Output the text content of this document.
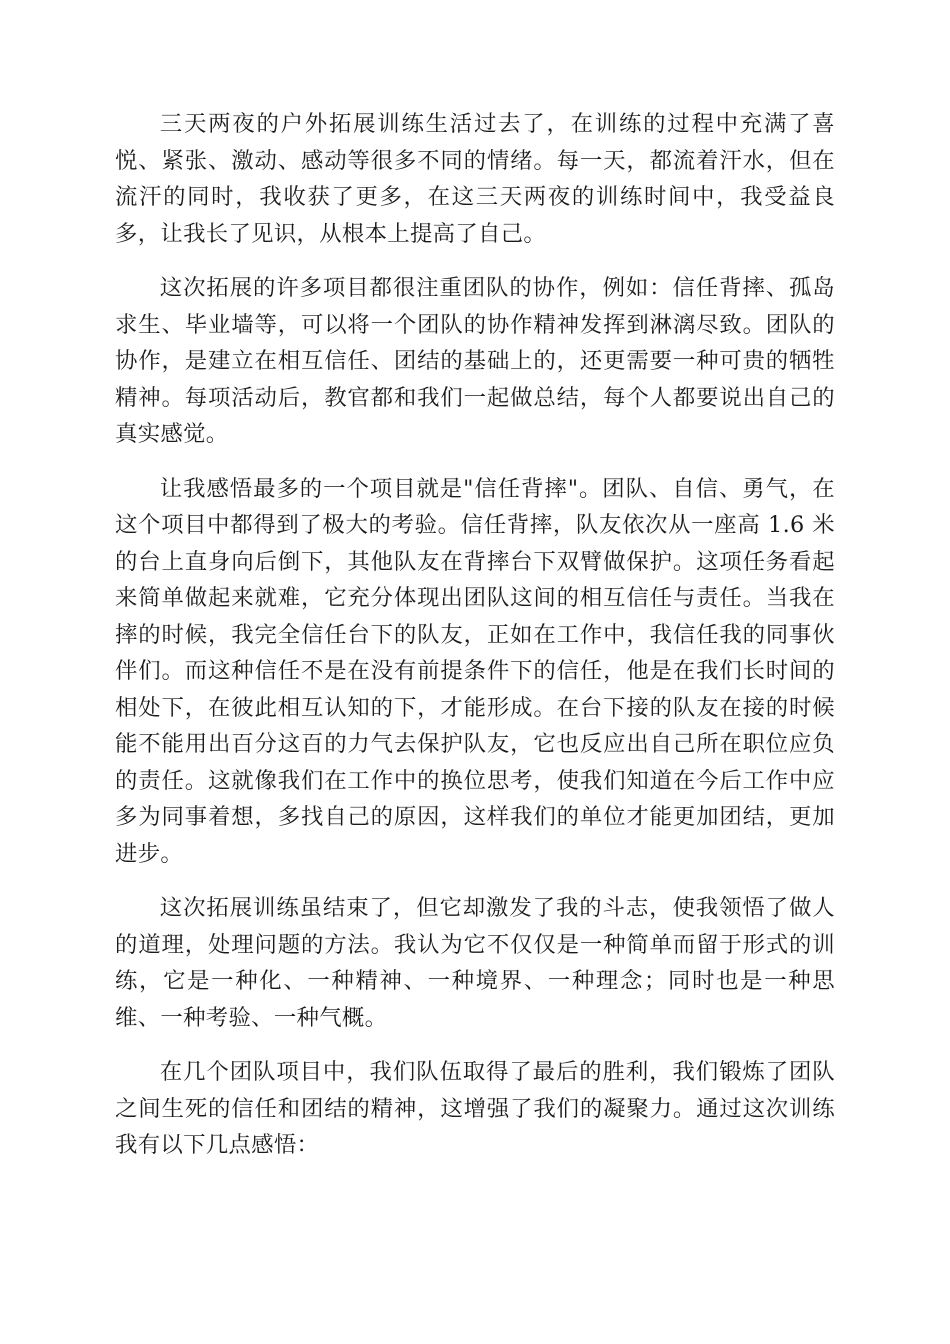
三天两夜的户外拓展训练生活过去了，在训练的过程中充满了喜悦、紧张、激动、感动等很多不同的情绪。每一天，都流着汗水，但在流汗的同时，我收获了更多，在这三天两夜的训练时间中，我受益良多，让我长了见识，从根本上提高了自己。

这次拓展的许多项目都很注重团队的协作，例如：信任背摔、孤岛求生、毕业墙等，可以将一个团队的协作精神发挥到淋漓尽致。团队的协作，是建立在相互信任、团结的基础上的，还更需要一种可贵的牺牲精神。每项活动后，教官都和我们一起做总结，每个人都要说出自己的真实感觉。

让我感悟最多的一个项目就是"信任背摔"。团队、自信、勇气，在这个项目中都得到了极大的考验。信任背摔，队友依次从一座高 1.6 米的台上直身向后倒下，其他队友在背摔台下双臂做保护。这项任务看起来简单做起来就难，它充分体现出团队这间的相互信任与责任。当我在摔的时候，我完全信任台下的队友，正如在工作中，我信任我的同事伙伴们。而这种信任不是在没有前提条件下的信任，他是在我们长时间的相处下，在彼此相互认知的下，才能形成。在台下接的队友在接的时候能不能用出百分这百的力气去保护队友，它也反应出自己所在职位应负的责任。这就像我们在工作中的换位思考，使我们知道在今后工作中应多为同事着想，多找自己的原因，这样我们的单位才能更加团结，更加进步。

这次拓展训练虽结束了，但它却激发了我的斗志，使我领悟了做人的道理，处理问题的方法。我认为它不仅仅是一种简单而留于形式的训练，它是一种化、一种精神、一种境界、一种理念；同时也是一种思维、一种考验、一种气概。

在几个团队项目中，我们队伍取得了最后的胜利，我们锻炼了团队之间生死的信任和团结的精神，这增强了我们的凝聚力。通过这次训练我有以下几点感悟：
